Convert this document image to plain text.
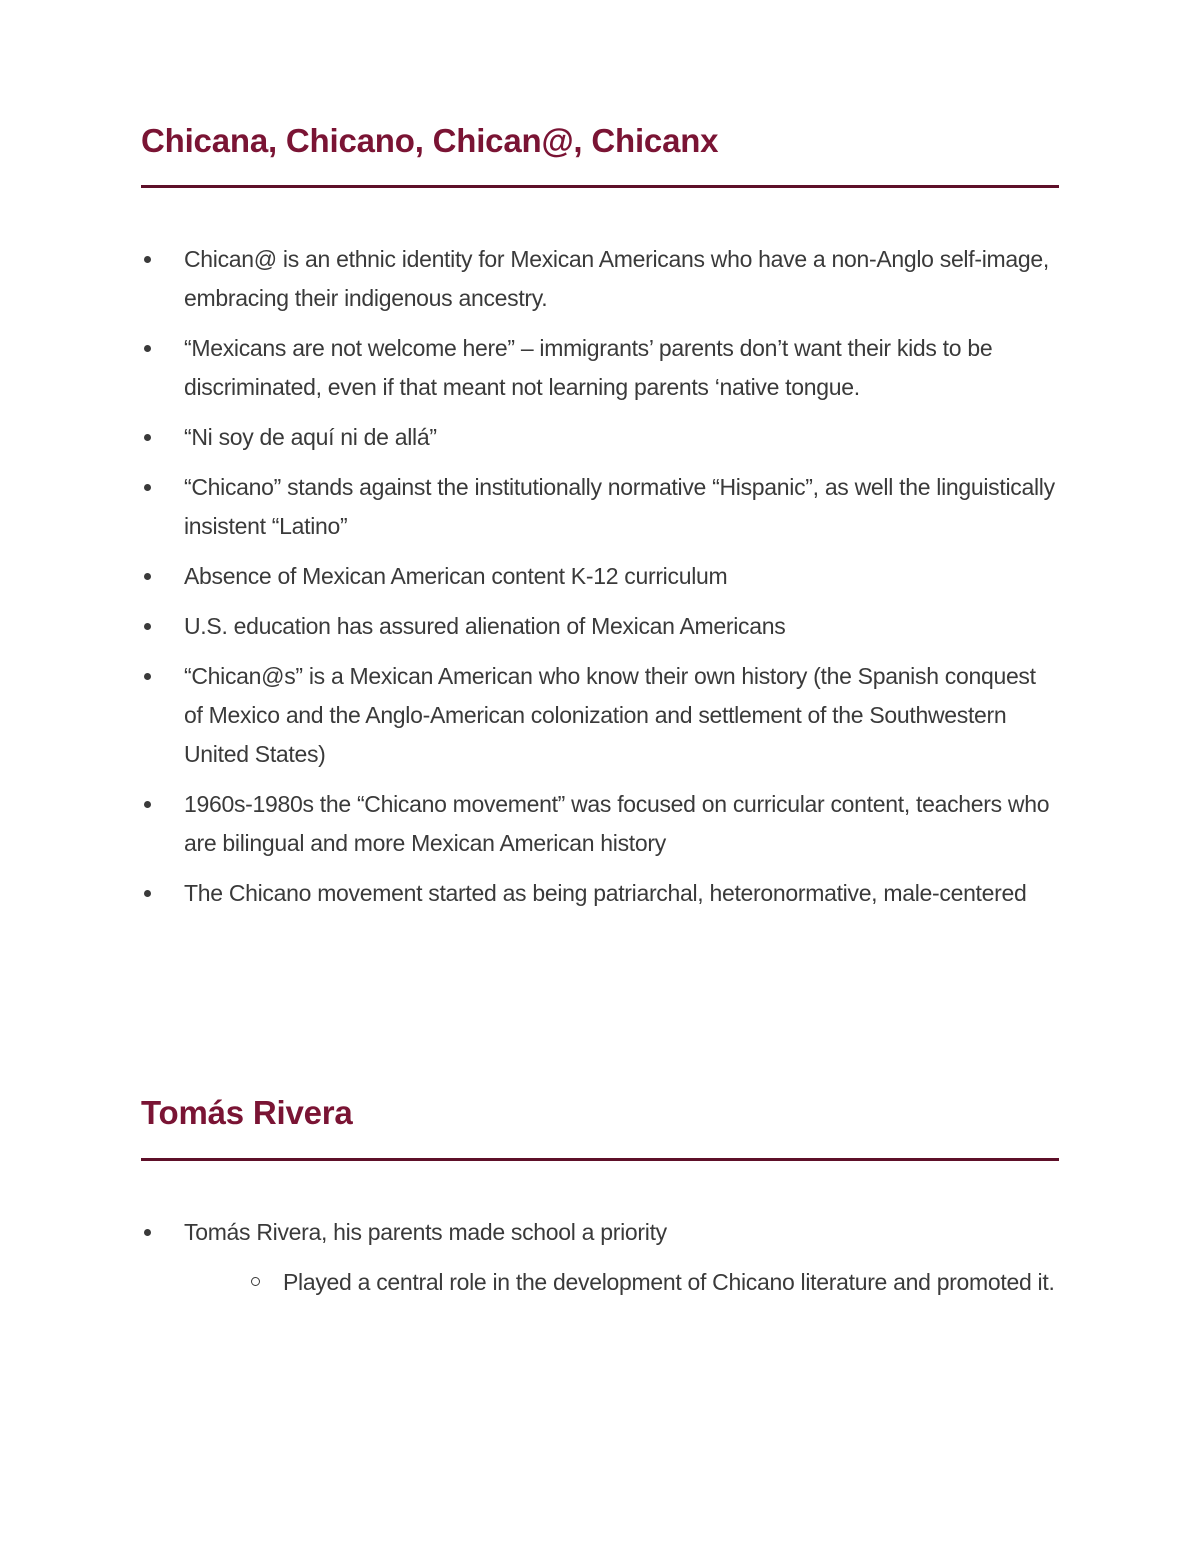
Chicana, Chicano, Chican@, Chicanx
Chican@ is an ethnic identity for Mexican Americans who have a non-Anglo self-image, embracing their indigenous ancestry.
“Mexicans are not welcome here” – immigrants’ parents don’t want their kids to be discriminated, even if that meant not learning parents ‘native tongue.
“Ni soy de aquí ni de allá”
“Chicano” stands against the institutionally normative “Hispanic”, as well the linguistically insistent “Latino”
Absence of Mexican American content K-12 curriculum
U.S. education has assured alienation of Mexican Americans
“Chican@s” is a Mexican American who know their own history (the Spanish conquest of Mexico and the Anglo-American colonization and settlement of the Southwestern United States)
1960s-1980s the “Chicano movement” was focused on curricular content, teachers who are bilingual and more Mexican American history
The Chicano movement started as being patriarchal, heteronormative, male-centered
Tomás Rivera
Tomás Rivera, his parents made school a priority
Played a central role in the development of Chicano literature and promoted it.
